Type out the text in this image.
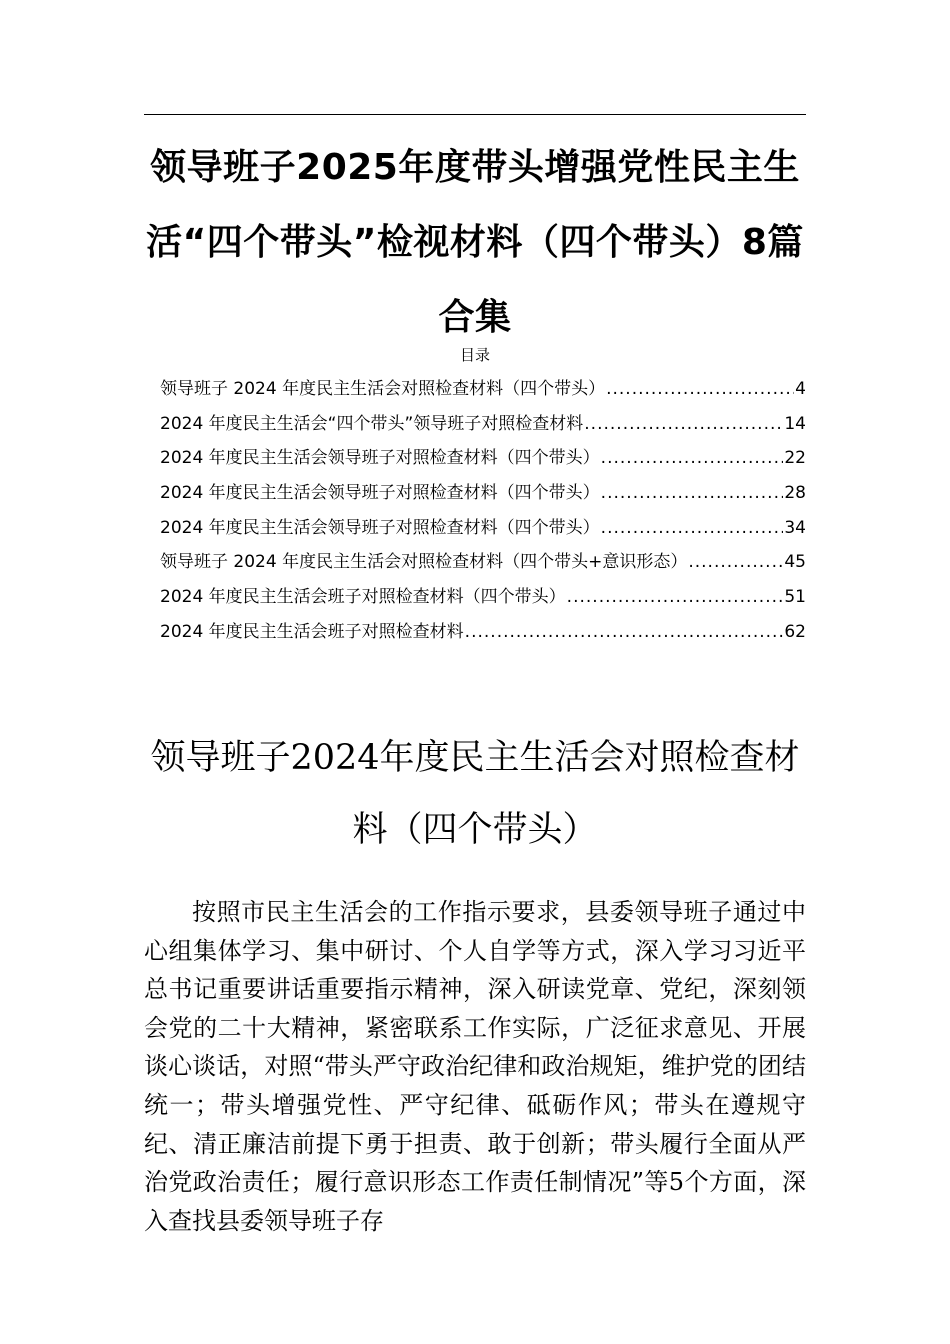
领导班子2025年度带头增强党性民主生活“四个带头”检视材料（四个带头）8篇合集
目录
领导班子 2024 年度民主生活会对照检查材料（四个带头） .....	4
2024 年度民主生活会“四个带头”领导班子对照检查材料 .....	14
2024 年度民主生活会领导班子对照检查材料（四个带头） .....	22
2024 年度民主生活会领导班子对照检查材料（四个带头） .....	28
2024 年度民主生活会领导班子对照检查材料（四个带头） .....	34
领导班子 2024 年度民主生活会对照检查材料（四个带头+意识形态） .....	45
2024 年度民主生活会班子对照检查材料（四个带头） .....	51
2024 年度民主生活会班子对照检查材料 .....	62
领导班子2024年度民主生活会对照检查材料（四个带头）

按照市民主生活会的工作指示要求，县委领导班子通过中心组集体学习、集中研讨、个人自学等方式，深入学习习近平总书记重要讲话重要指示精神，深入研读党章、党纪，深刻领会党的二十大精神，紧密联系工作实际，广泛征求意见、开展谈心谈话，对照“带头严守政治纪律和政治规矩，维护党的团结统一；带头增强党性、严守纪律、砥砺作风；带头在遵规守纪、清正廉洁前提下勇于担责、敢于创新；带头履行全面从严治党政治责任；履行意识形态工作责任制情况”等5个方面，深入查找县委领导班子存
